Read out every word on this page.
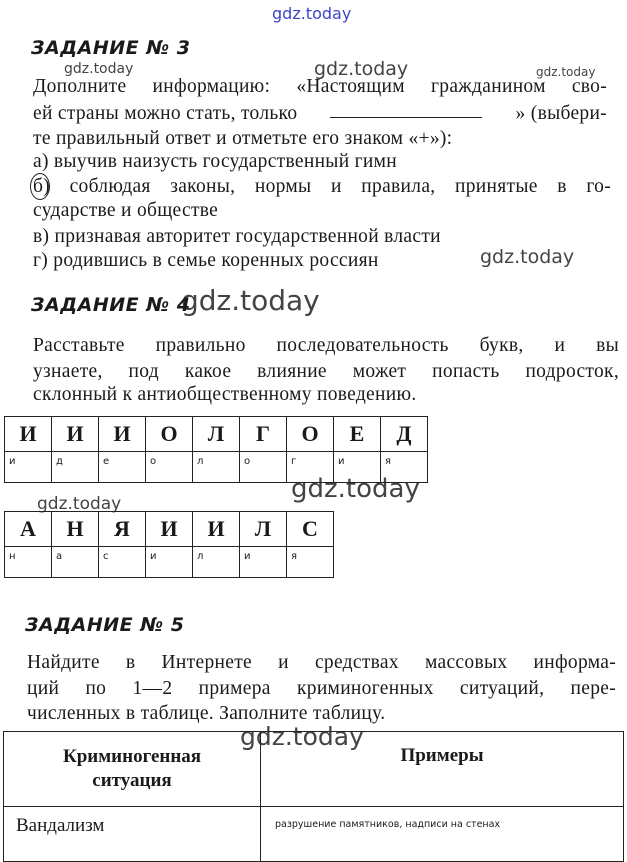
gdz.today
gdz.today	gdz.today	gdz.today
gdz.today
gdz.today
gdz.today	gdz.today
gdz.today
ЗАДАНИЕ № 3
Дополните информацию: «Настоящим гражданином сво-
ей страны можно стать, только	» (выбери-
те правильный ответ и отметьте его знаком «+»):
а) выучив наизусть государственный гимн
б) соблюдая законы, нормы и правила, принятые в го-
сударстве и обществе
в) признавая авторитет государственной власти
г) родившись в семье коренных россиян
ЗАДАНИЕ № 4
Расставьте правильно последовательность букв, и вы
узнаете, под какое влияние может попасть подросток,
склонный к антиобщественному поведению.
И	И	И	О	Л	Г	О	Е	Д
и	д	е	о	л	о	г	и	я
А	Н	Я	И	И	Л	С
н	а	с	и	л	и	я
ЗАДАНИЕ № 5
Найдите в Интернете и средствах массовых информа-
ций по 1—2 примера криминогенных ситуаций, пере-
численных в таблице. Заполните таблицу.
Криминогенная
ситуация	Примеры

Вандализм	разрушение памятников, надписи на стенах
